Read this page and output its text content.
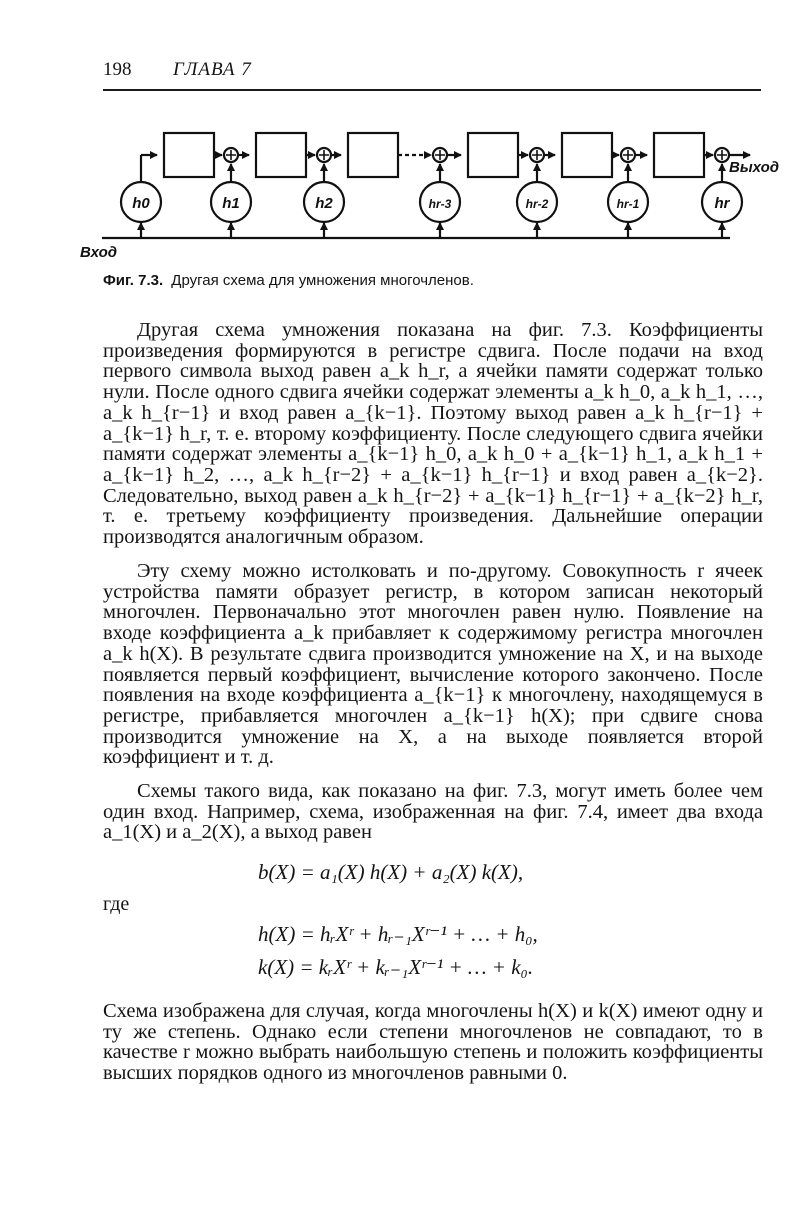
198 ГЛАВА 7
h0	h1	h2	hr-3	hr-2	hr-1	hr
Вход
Выход
Фиг. 7.3. Другая схема для умножения многочленов.

Другая схема умножения показана на фиг. 7.3. Коэффициенты произведения формируются в регистре сдвига. После подачи на вход первого символа выход равен a_k h_r, а ячейки памяти содержат только нули. После одного сдвига ячейки содержат элементы a_k h_0, a_k h_1, …, a_k h_{r−1} и вход равен a_{k−1}. Поэтому выход равен a_k h_{r−1} + a_{k−1} h_r, т. е. второму коэффициенту. После следующего сдвига ячейки памяти содержат элементы a_{k−1} h_0, a_k h_0 + a_{k−1} h_1, a_k h_1 + a_{k−1} h_2, …, a_k h_{r−2} + a_{k−1} h_{r−1} и вход равен a_{k−2}. Следовательно, выход равен a_k h_{r−2} + a_{k−1} h_{r−1} + a_{k−2} h_r, т. е. третьему коэффициенту произведения. Дальнейшие операции производятся аналогичным образом.

Эту схему можно истолковать и по-другому. Совокупность r ячеек устройства памяти образует регистр, в котором записан некоторый многочлен. Первоначально этот многочлен равен нулю. Появление на входе коэффициента a_k прибавляет к содержимому регистра многочлен a_k h(X). В результате сдвига производится умножение на X, и на выходе появляется первый коэффициент, вычисление которого закончено. После появления на входе коэффициента a_{k−1} к многочлену, находящемуся в регистре, прибавляется многочлен a_{k−1} h(X); при сдвиге снова производится умножение на X, а на выходе появляется второй коэффициент и т. д.

Схемы такого вида, как показано на фиг. 7.3, могут иметь более чем один вход. Например, схема, изображенная на фиг. 7.4, имеет два входа a_1(X) и a_2(X), а выход равен

b(X) = a₁(X) h(X) + a₂(X) k(X),
где
h(X) = hᵣXʳ + hᵣ₋₁Xʳ⁻¹ + … + h₀,
k(X) = kᵣXʳ + kᵣ₋₁Xʳ⁻¹ + … + k₀.

Схема изображена для случая, когда многочлены h(X) и k(X) имеют одну и ту же степень. Однако если степени многочленов не совпадают, то в качестве r можно выбрать наибольшую степень и положить коэффициенты высших порядков одного из многочленов равными 0.
